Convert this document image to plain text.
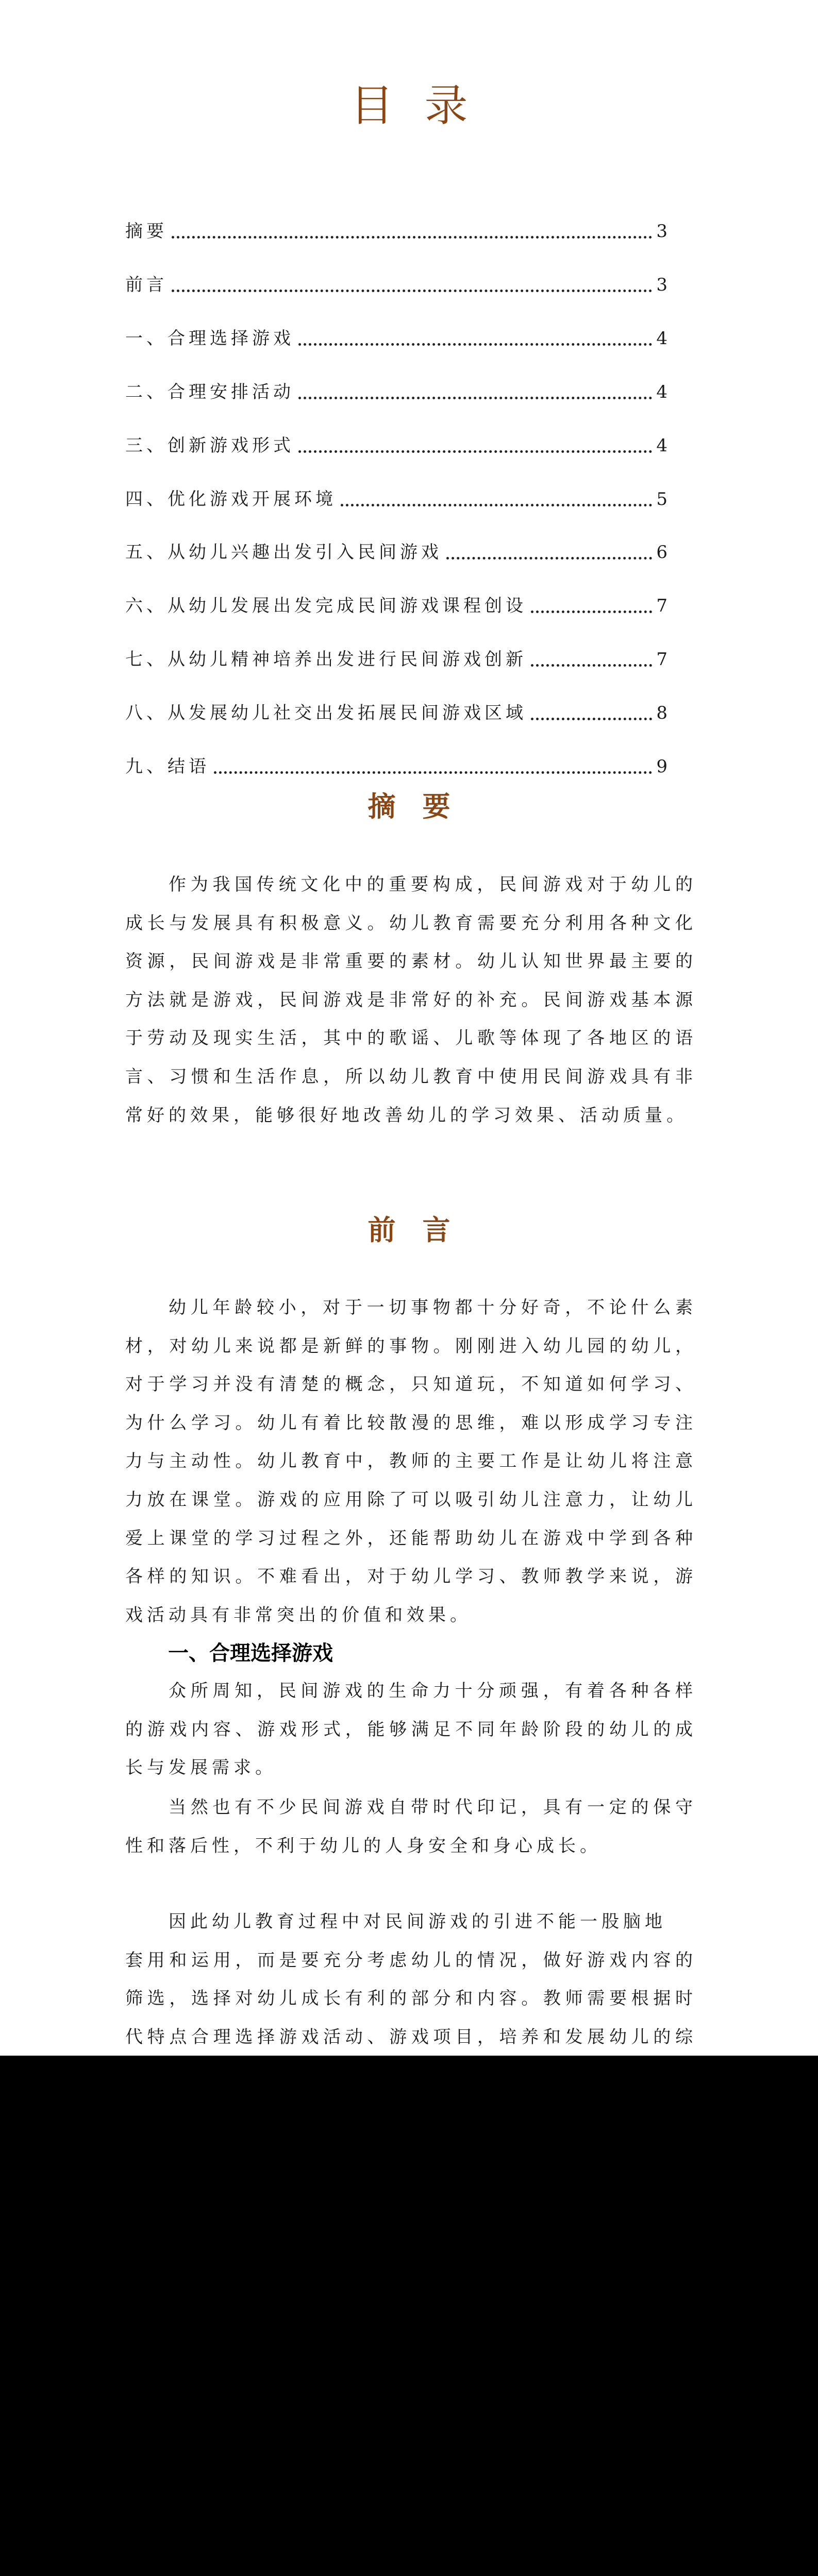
目录
摘要	3
前言	3
一、合理选择游戏	4
二、合理安排活动	4
三、创新游戏形式	4
四、优化游戏开展环境	5
五、从幼儿兴趣出发引入民间游戏	6
六、从幼儿发展出发完成民间游戏课程创设	7
七、从幼儿精神培养出发进行民间游戏创新	7
八、从发展幼儿社交出发拓展民间游戏区域	8
九、结语	9
摘要
作为我国传统文化中的重要构成，民间游戏对于幼儿的
成长与发展具有积极意义。幼儿教育需要充分利用各种文化
资源，民间游戏是非常重要的素材。幼儿认知世界最主要的
方法就是游戏，民间游戏是非常好的补充。民间游戏基本源
于劳动及现实生活，其中的歌谣、儿歌等体现了各地区的语
言、习惯和生活作息，所以幼儿教育中使用民间游戏具有非
常好的效果，能够很好地改善幼儿的学习效果、活动质量。
前言
幼儿年龄较小，对于一切事物都十分好奇，不论什么素
材，对幼儿来说都是新鲜的事物。刚刚进入幼儿园的幼儿，
对于学习并没有清楚的概念，只知道玩，不知道如何学习、
为什么学习。幼儿有着比较散漫的思维，难以形成学习专注
力与主动性。幼儿教育中，教师的主要工作是让幼儿将注意
力放在课堂。游戏的应用除了可以吸引幼儿注意力，让幼儿
爱上课堂的学习过程之外，还能帮助幼儿在游戏中学到各种
各样的知识。不难看出，对于幼儿学习、教师教学来说，游
戏活动具有非常突出的价值和效果。
一、合理选择游戏
众所周知，民间游戏的生命力十分顽强，有着各种各样
的游戏内容、游戏形式，能够满足不同年龄阶段的幼儿的成
长与发展需求。
当然也有不少民间游戏自带时代印记，具有一定的保守
性和落后性，不利于幼儿的人身安全和身心成长。
因此幼儿教育过程中对民间游戏的引进不能一股脑地
套用和运用，而是要充分考虑幼儿的情况，做好游戏内容的
筛选，选择对幼儿成长有利的部分和内容。教师需要根据时
代特点合理选择游戏活动、游戏项目，培养和发展幼儿的综
